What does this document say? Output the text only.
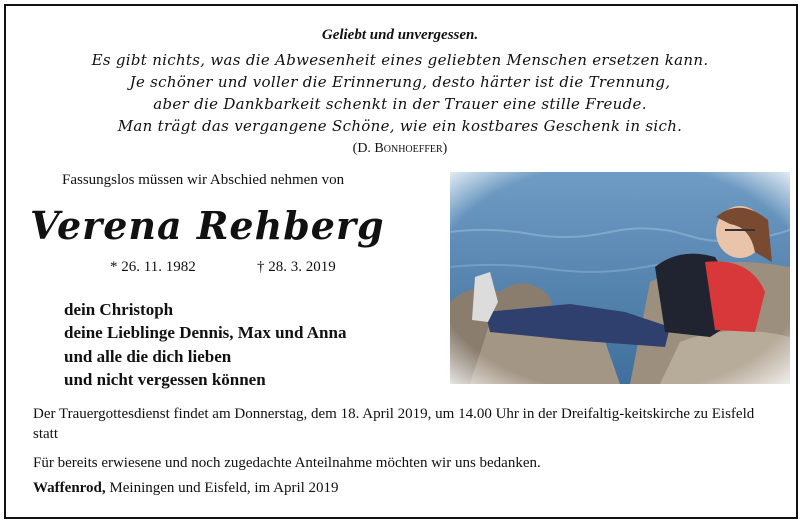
Geliebt und unvergessen.
Es gibt nichts, was die Abwesenheit eines geliebten Menschen ersetzen kann.
Je schöner und voller die Erinnerung, desto härter ist die Trennung,
aber die Dankbarkeit schenkt in der Trauer eine stille Freude.
Man trägt das vergangene Schöne, wie ein kostbares Geschenk in sich.
(D. Bonhoeffer)
Fassungslos müssen wir Abschied nehmen von
Verena Rehberg
* 26. 11. 1982	† 28. 3. 2019
dein Christoph
deine Lieblinge Dennis, Max und Anna
und alle die dich lieben
und nicht vergessen können
Der Trauergottesdienst findet am Donnerstag, dem 18. April 2019, um 14.00 Uhr in der Dreifaltig-keitskirche zu Eisfeld statt
Für bereits erwiesene und noch zugedachte Anteilnahme möchten wir uns bedanken.
Waffenrod, Meiningen und Eisfeld, im April 2019
